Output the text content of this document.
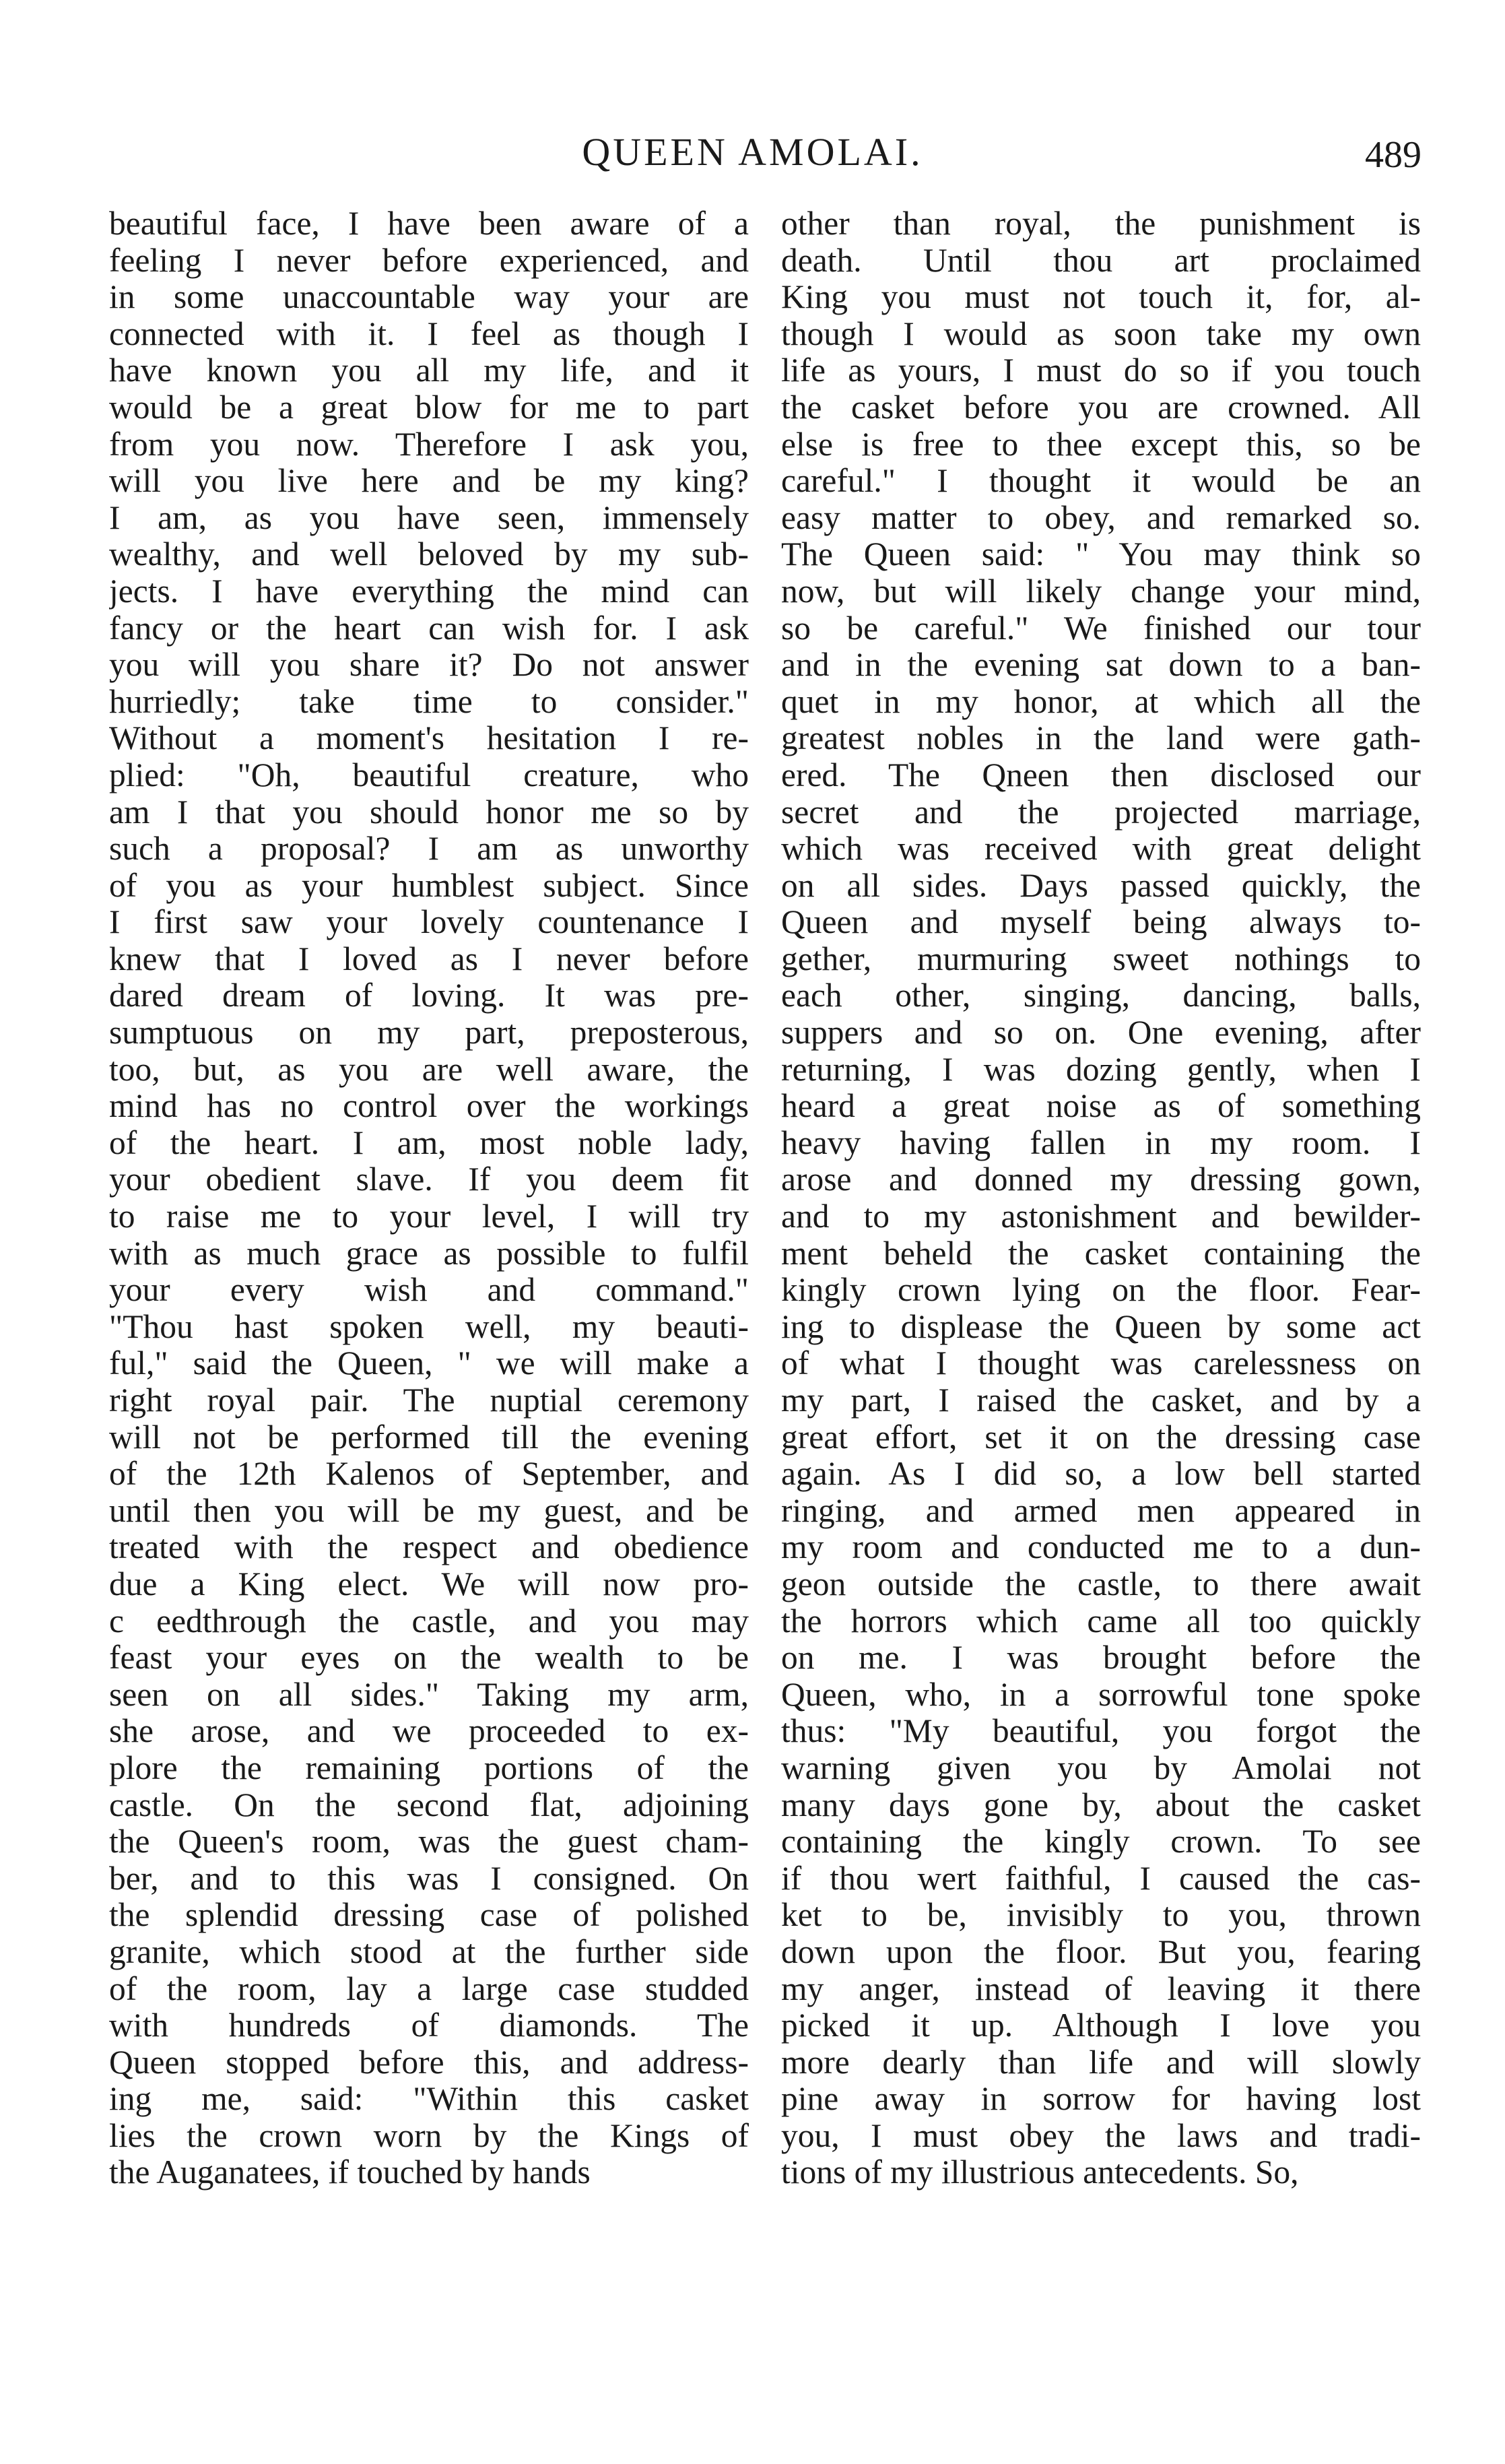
QUEEN AMOLAI.	489
beautiful face, I have been aware of a
feeling I never before experienced, and
in some unaccountable way your are
connected with it. I feel as though I
have known you all my life, and it
would be a great blow for me to part
from you now. Therefore I ask you,
will you live here and be my king?
I am, as you have seen, immensely
wealthy, and well beloved by my sub-
jects. I have everything the mind can
fancy or the heart can wish for. I ask
you will you share it? Do not answer
hurriedly; take time to consider."
Without a moment's hesitation I re-
plied: "Oh, beautiful creature, who
am I that you should honor me so by
such a proposal? I am as unworthy
of you as your humblest subject. Since
I first saw your lovely countenance I
knew that I loved as I never before
dared dream of loving. It was pre-
sumptuous on my part, preposterous,
too, but, as you are well aware, the
mind has no control over the workings
of the heart. I am, most noble lady,
your obedient slave. If you deem fit
to raise me to your level, I will try
with as much grace as possible to fulfil
your every wish and command."
"Thou hast spoken well, my beauti-
ful," said the Queen, " we will make a
right royal pair. The nuptial ceremony
will not be performed till the evening
of the 12th Kalenos of September, and
until then you will be my guest, and be
treated with the respect and obedience
due a King elect. We will now pro-
c eedthrough the castle, and you may
feast your eyes on the wealth to be
seen on all sides." Taking my arm,
she arose, and we proceeded to ex-
plore the remaining portions of the
castle. On the second flat, adjoining
the Queen's room, was the guest cham-
ber, and to this was I consigned. On
the splendid dressing case of polished
granite, which stood at the further side
of the room, lay a large case studded
with hundreds of diamonds. The
Queen stopped before this, and address-
ing me, said: "Within this casket
lies the crown worn by the Kings of
the Auganatees, if touched by hands
other than royal, the punishment is
death. Until thou art proclaimed
King you must not touch it, for, al-
though I would as soon take my own
life as yours, I must do so if you touch
the casket before you are crowned. All
else is free to thee except this, so be
careful." I thought it would be an
easy matter to obey, and remarked so.
The Queen said: " You may think so
now, but will likely change your mind,
so be careful." We finished our tour
and in the evening sat down to a ban-
quet in my honor, at which all the
greatest nobles in the land were gath-
ered. The Qneen then disclosed our
secret and the projected marriage,
which was received with great delight
on all sides. Days passed quickly, the
Queen and myself being always to-
gether, murmuring sweet nothings to
each other, singing, dancing, balls,
suppers and so on. One evening, after
returning, I was dozing gently, when I
heard a great noise as of something
heavy having fallen in my room. I
arose and donned my dressing gown,
and to my astonishment and bewilder-
ment beheld the casket containing the
kingly crown lying on the floor. Fear-
ing to displease the Queen by some act
of what I thought was carelessness on
my part, I raised the casket, and by a
great effort, set it on the dressing case
again. As I did so, a low bell started
ringing, and armed men appeared in
my room and conducted me to a dun-
geon outside the castle, to there await
the horrors which came all too quickly
on me. I was brought before the
Queen, who, in a sorrowful tone spoke
thus: "My beautiful, you forgot the
warning given you by Amolai not
many days gone by, about the casket
containing the kingly crown. To see
if thou wert faithful, I caused the cas-
ket to be, invisibly to you, thrown
down upon the floor. But you, fearing
my anger, instead of leaving it there
picked it up. Although I love you
more dearly than life and will slowly
pine away in sorrow for having lost
you, I must obey the laws and tradi-
tions of my illustrious antecedents. So,
